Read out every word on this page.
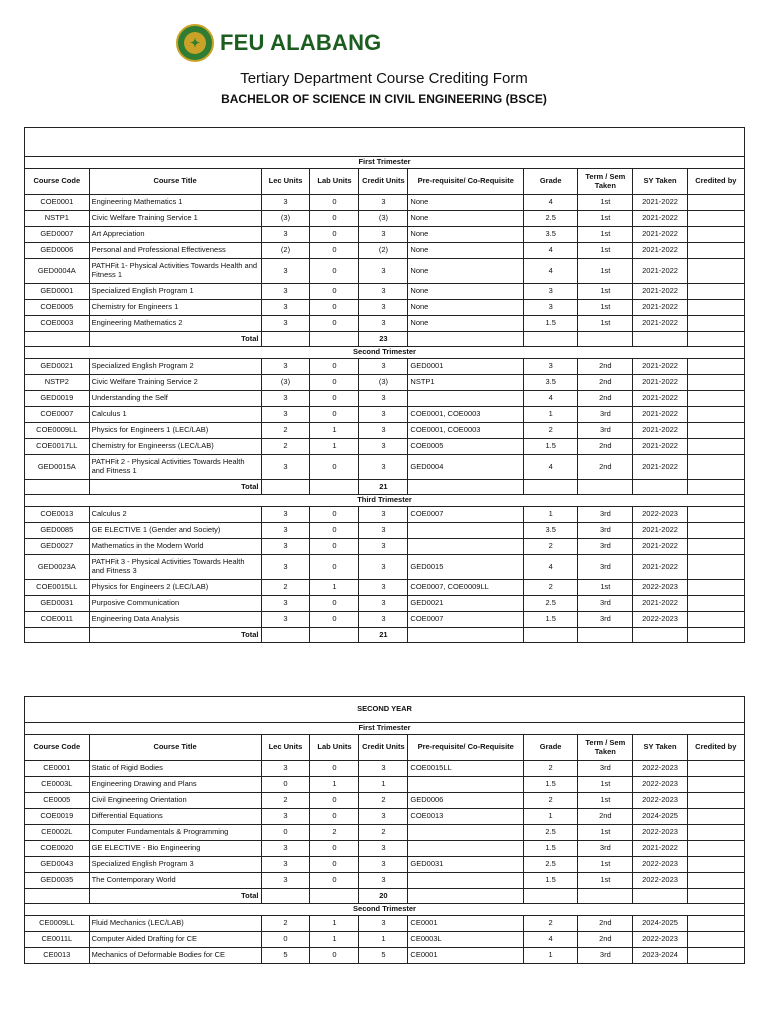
✦ FEU ALABANG
Tertiary Department Course Crediting Form
BACHELOR OF SCIENCE IN CIVIL ENGINEERING (BSCE)

First Trimester									
Course Code	Course Title	Lec Units	Lab Units	Credit Units	Pre-requisite/ Co-Requisite	Grade	Term / Sem Taken	SY Taken	Credited by
COE0001	Engineering Mathematics 1	3	0	3	None	4	1st	2021-2022	
NSTP1	Civic Welfare Training Service 1	(3)	0	(3)	None	2.5	1st	2021-2022	
GED0007	Art Appreciation	3	0	3	None	3.5	1st	2021-2022	
GED0006	Personal and Professional Effectiveness	(2)	0	(2)	None	4	1st	2021-2022	
GED0004A	PATHFit 1- Physical Activities Towards Health and Fitness 1	3	0	3	None	4	1st	2021-2022	
GED0001	Specialized English Program 1	3	0	3	None	3	1st	2021-2022	
COE0005	Chemistry for Engineers 1	3	0	3	None	3	1st	2021-2022	
COE0003	Engineering Mathematics 2	3	0	3	None	1.5	1st	2021-2022	
	Total			23					
Second Trimester									
GED0021	Specialized English Program 2	3	0	3	GED0001	3	2nd	2021-2022	
NSTP2	Civic Welfare Training Service 2	(3)	0	(3)	NSTP1	3.5	2nd	2021-2022	
GED0019	Understanding the Self	3	0	3		4	2nd	2021-2022	
COE0007	Calculus 1	3	0	3	COE0001, COE0003	1	3rd	2021-2022	
COE0009LL	Physics for Engineers 1 (LEC/LAB)	2	1	3	COE0001, COE0003	2	3rd	2021-2022	
COE0017LL	Chemistry for Engineerss (LEC/LAB)	2	1	3	COE0005	1.5	2nd	2021-2022	
GED0015A	PATHFit 2 - Physical Activities Towards Health and Fitness 1	3	0	3	GED0004	4	2nd	2021-2022	
	Total			21					
Third Trimester									
COE0013	Calculus 2	3	0	3	COE0007	1	3rd	2022-2023	
GED0085	GE ELECTIVE 1 (Gender and Society)	3	0	3		3.5	3rd	2021-2022	
GED0027	Mathematics in the Modern World	3	0	3		2	3rd	2021-2022	
GED0023A	PATHFit 3 - Physical Activities Towards Health and Fitness 3	3	0	3	GED0015	4	3rd	2021-2022	
COE0015LL	Physics for Engineers 2 (LEC/LAB)	2	1	3	COE0007, COE0009LL	2	1st	2022-2023	
GED0031	Purposive Communication	3	0	3	GED0021	2.5	3rd	2021-2022	
COE0011	Engineering Data Analysis	3	0	3	COE0007	1.5	3rd	2022-2023	
	Total			21					
SECOND YEAR									
First Trimester									
Course Code	Course Title	Lec Units	Lab Units	Credit Units	Pre-requisite/ Co-Requisite	Grade	Term / Sem Taken	SY Taken	Credited by
CE0001	Static of Rigid Bodies	3	0	3	COE0015LL	2	3rd	2022-2023	
CE0003L	Engineering Drawing and Plans	0	1	1		1.5	1st	2022-2023	
CE0005	Civil Engineering Orientation	2	0	2	GED0006	2	1st	2022-2023	
COE0019	Differential Equations	3	0	3	COE0013	1	2nd	2024-2025	
CE0002L	Computer Fundamentals & Programming	0	2	2		2.5	1st	2022-2023	
COE0020	GE ELECTIVE - Bio Engineering	3	0	3		1.5	3rd	2021-2022	
GED0043	Specialized English Program 3	3	0	3	GED0031	2.5	1st	2022-2023	
GED0035	The Contemporary World	3	0	3		1.5	1st	2022-2023	
	Total			20					
Second Trimester									
CE0009LL	Fluid Mechanics (LEC/LAB)	2	1	3	CE0001	2	2nd	2024-2025	
CE0011L	Computer Aided Drafting for CE	0	1	1	CE0003L	4	2nd	2022-2023	
CE0013	Mechanics of Deformable Bodies for CE	5	0	5	CE0001	1	3rd	2023-2024	
